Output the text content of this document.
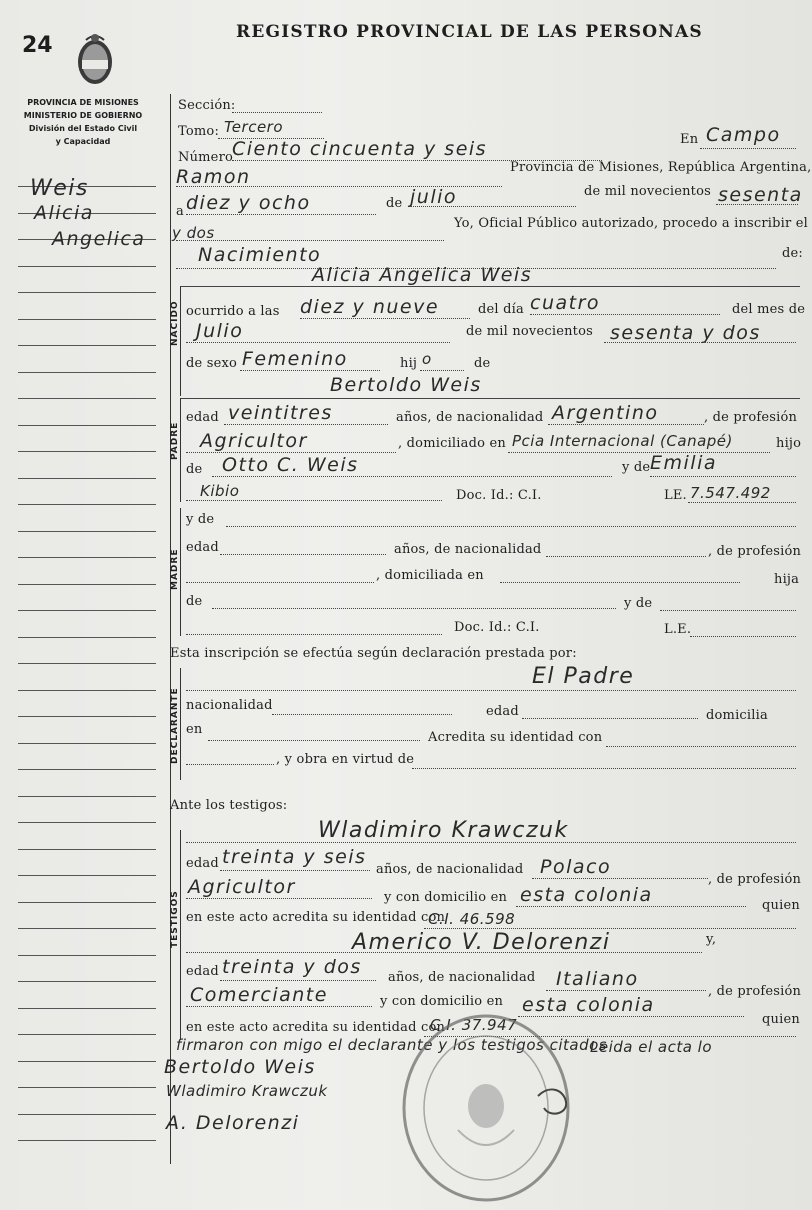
24
REGISTRO PROVINCIAL DE LAS PERSONAS
PROVINCIA DE MISIONES
MINISTERIO DE GOBIERNO
División del Estado Civil
y Capacidad
Weis
Alicia
Angelica
Sección:
Tomo: Tercero
En Campo
Número
Ciento cincuenta y seis
Ramon	Provincia de Misiones, República Argentina,
a diez y ocho	de julio	de mil novecientos sesenta
y dos
Yo, Oficial Público autorizado, procedo a inscribir el
Nacimiento	de:
NACIDO
Alicia Angelica Weis
ocurrido a las diez y nueve	del día cuatro	del mes de
Julio	de mil novecientos sesenta y dos
de sexo Femenino	hij o	de
Bertoldo Weis
PADRE
edad veintitres	años, de nacionalidad Argentino	, de profesión
Agricultor	, domiciliado en Pcia Internacional (Canapé)	hijo
de Otto C. Weis	y de Emilia
Kibio	Doc. Id.: C.I.	LE. 7.547.492
MADRE
y de
edad	años, de nacionalidad	, de profesión
, domiciliada en	hija
de	y de
Doc. Id.: C.I.	L.E.
Esta inscripción se efectúa según declaración prestada por:
DECLARANTE
El Padre
nacionalidad	edad	domicilia
en
Acredita su identidad con
, y obra en virtud de
Ante los testigos:
TESTIGOS
Wladimiro Krawczuk
edad treinta y seis
años, de nacionalidad Polaco
, de profesión
Agricultor	y con domicilio en esta colonia	quien
en este acto acredita su identidad con
C.I. 46.598
Americo V. Delorenzi	y,
edad treinta y dos años, de nacionalidad Italiano
, de profesión
Comerciante	y con domicilio en esta colonia
quien
en este acto acredita su identidad con
C.I. 37.947
firmaron con migo el declarante y los testigos citados
Leida el acta lo
Bertoldo Weis
Wladimiro Krawczuk
A. Delorenzi
